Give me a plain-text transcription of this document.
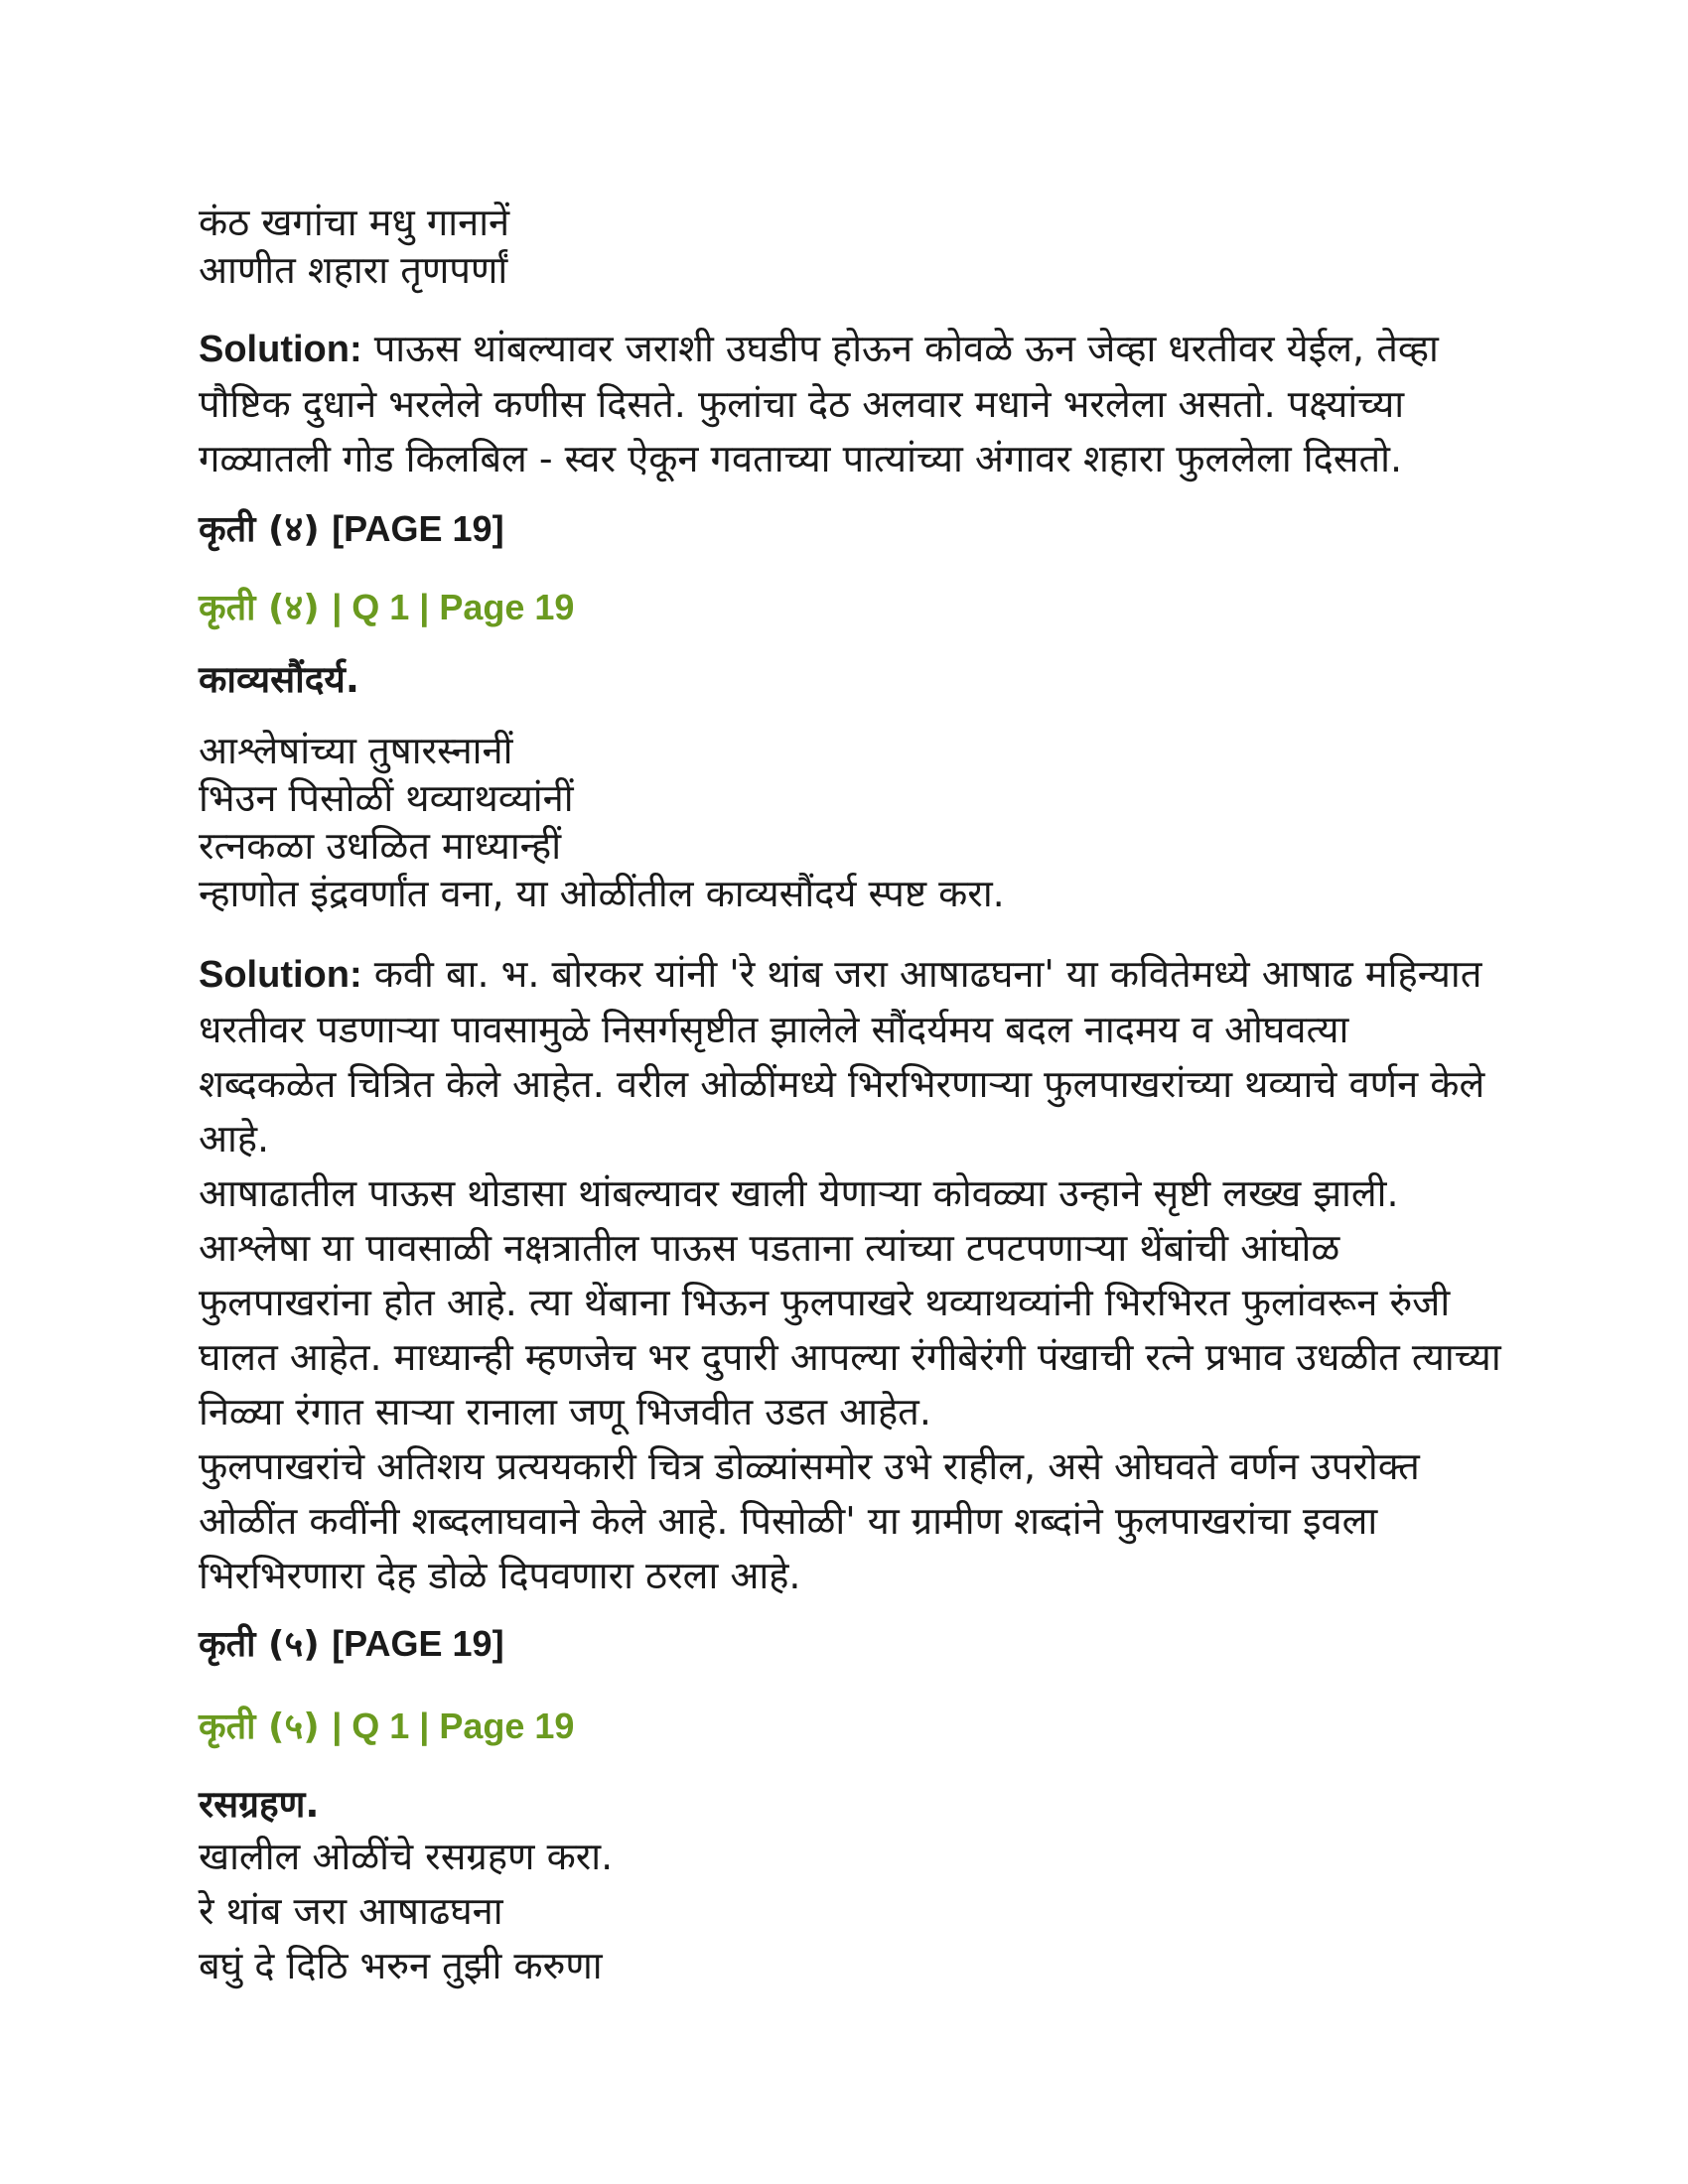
कंठ खगांचा मधु गानानें
आणीत शहारा तृणपर्णां
Solution: पाऊस थांबल्यावर जराशी उघडीप होऊन कोवळे ऊन जेव्हा धरतीवर येईल, तेव्हा
पौष्टिक दुधाने भरलेले कणीस दिसते. फुलांचा देठ अलवार मधाने भरलेला असतो. पक्ष्यांच्या
गळ्यातली गोड किलबिल - स्वर ऐकून गवताच्या पात्यांच्या अंगावर शहारा फुललेला दिसतो.
कृती (४) [PAGE 19]
कृती (४) | Q 1 | Page 19
काव्यसौंदर्य.
आश्लेषांच्या तुषारस्नानीं
भिउन पिसोळीं थव्याथव्यांनीं
रत्नकळा उधळित माध्यान्हीं
न्हाणोत इंद्रवर्णांत वना, या ओळींतील काव्यसौंदर्य स्पष्ट करा.
Solution: कवी बा. भ. बोरकर यांनी 'रे थांब जरा आषाढघना' या कवितेमध्ये आषाढ महिन्यात
धरतीवर पडणाऱ्या पावसामुळे निसर्गसृष्टीत झालेले सौंदर्यमय बदल नादमय व ओघवत्या
शब्दकळेत चित्रित केले आहेत. वरील ओळींमध्ये भिरभिरणाऱ्या फुलपाखरांच्या थव्याचे वर्णन केले
आहे.
आषाढातील पाऊस थोडासा थांबल्यावर खाली येणाऱ्या कोवळ्या उन्हाने सृष्टी लख्ख झाली.
आश्लेषा या पावसाळी नक्षत्रातील पाऊस पडताना त्यांच्या टपटपणाऱ्या थेंबांची आंघोळ
फुलपाखरांना होत आहे. त्या थेंबाना भिऊन फुलपाखरे थव्याथव्यांनी भिरभिरत फुलांवरून रुंजी
घालत आहेत. माध्यान्ही म्हणजेच भर दुपारी आपल्या रंगीबेरंगी पंखाची रत्ने प्रभाव उधळीत त्याच्या
निळ्या रंगात साऱ्या रानाला जणू भिजवीत उडत आहेत.
फुलपाखरांचे अतिशय प्रत्ययकारी चित्र डोळ्यांसमोर उभे राहील, असे ओघवते वर्णन उपरोक्त
ओळींत कवींनी शब्दलाघवाने केले आहे. पिसोळी' या ग्रामीण शब्दांने फुलपाखरांचा इवला
भिरभिरणारा देह डोळे दिपवणारा ठरला आहे.
कृती (५) [PAGE 19]
कृती (५) | Q 1 | Page 19
रसग्रहण.
खालील ओळींचे रसग्रहण करा.
रे थांब जरा आषाढघना
बघुं दे दिठि भरुन तुझी करुणा
